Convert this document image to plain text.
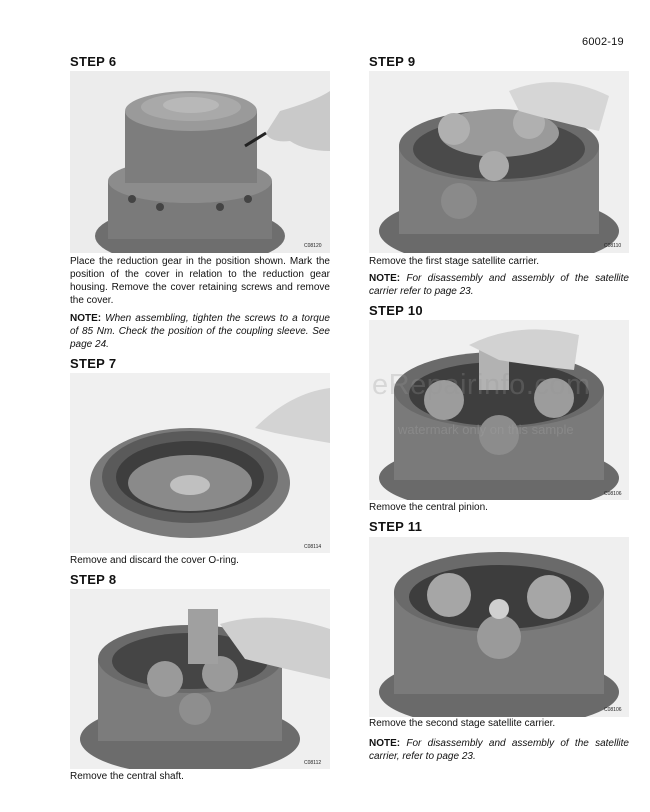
6002-19
STEP 6
C08120
Place the reduction gear in the position shown. Mark the position of the cover in relation to the reduction gear housing. Remove the cover retaining screws and remove the cover.
NOTE: When assembling, tighten the screws to a torque of 85 Nm. Check the position of the coupling sleeve. See page 24.
STEP 7
C08114
Remove and discard the cover O-ring.
STEP 8
C08112
Remove the central shaft.
STEP 9
C08110
Remove the first stage satellite carrier.
NOTE: For disassembly and assembly of the satellite carrier refer to page 23.
STEP 10
C08106
Remove the central pinion.
STEP 11
C08106
Remove the second stage satellite carrier.
NOTE: For disassembly and assembly of the satellite carrier, refer to page 23.
eRepairinfo.com
watermark only on this sample
